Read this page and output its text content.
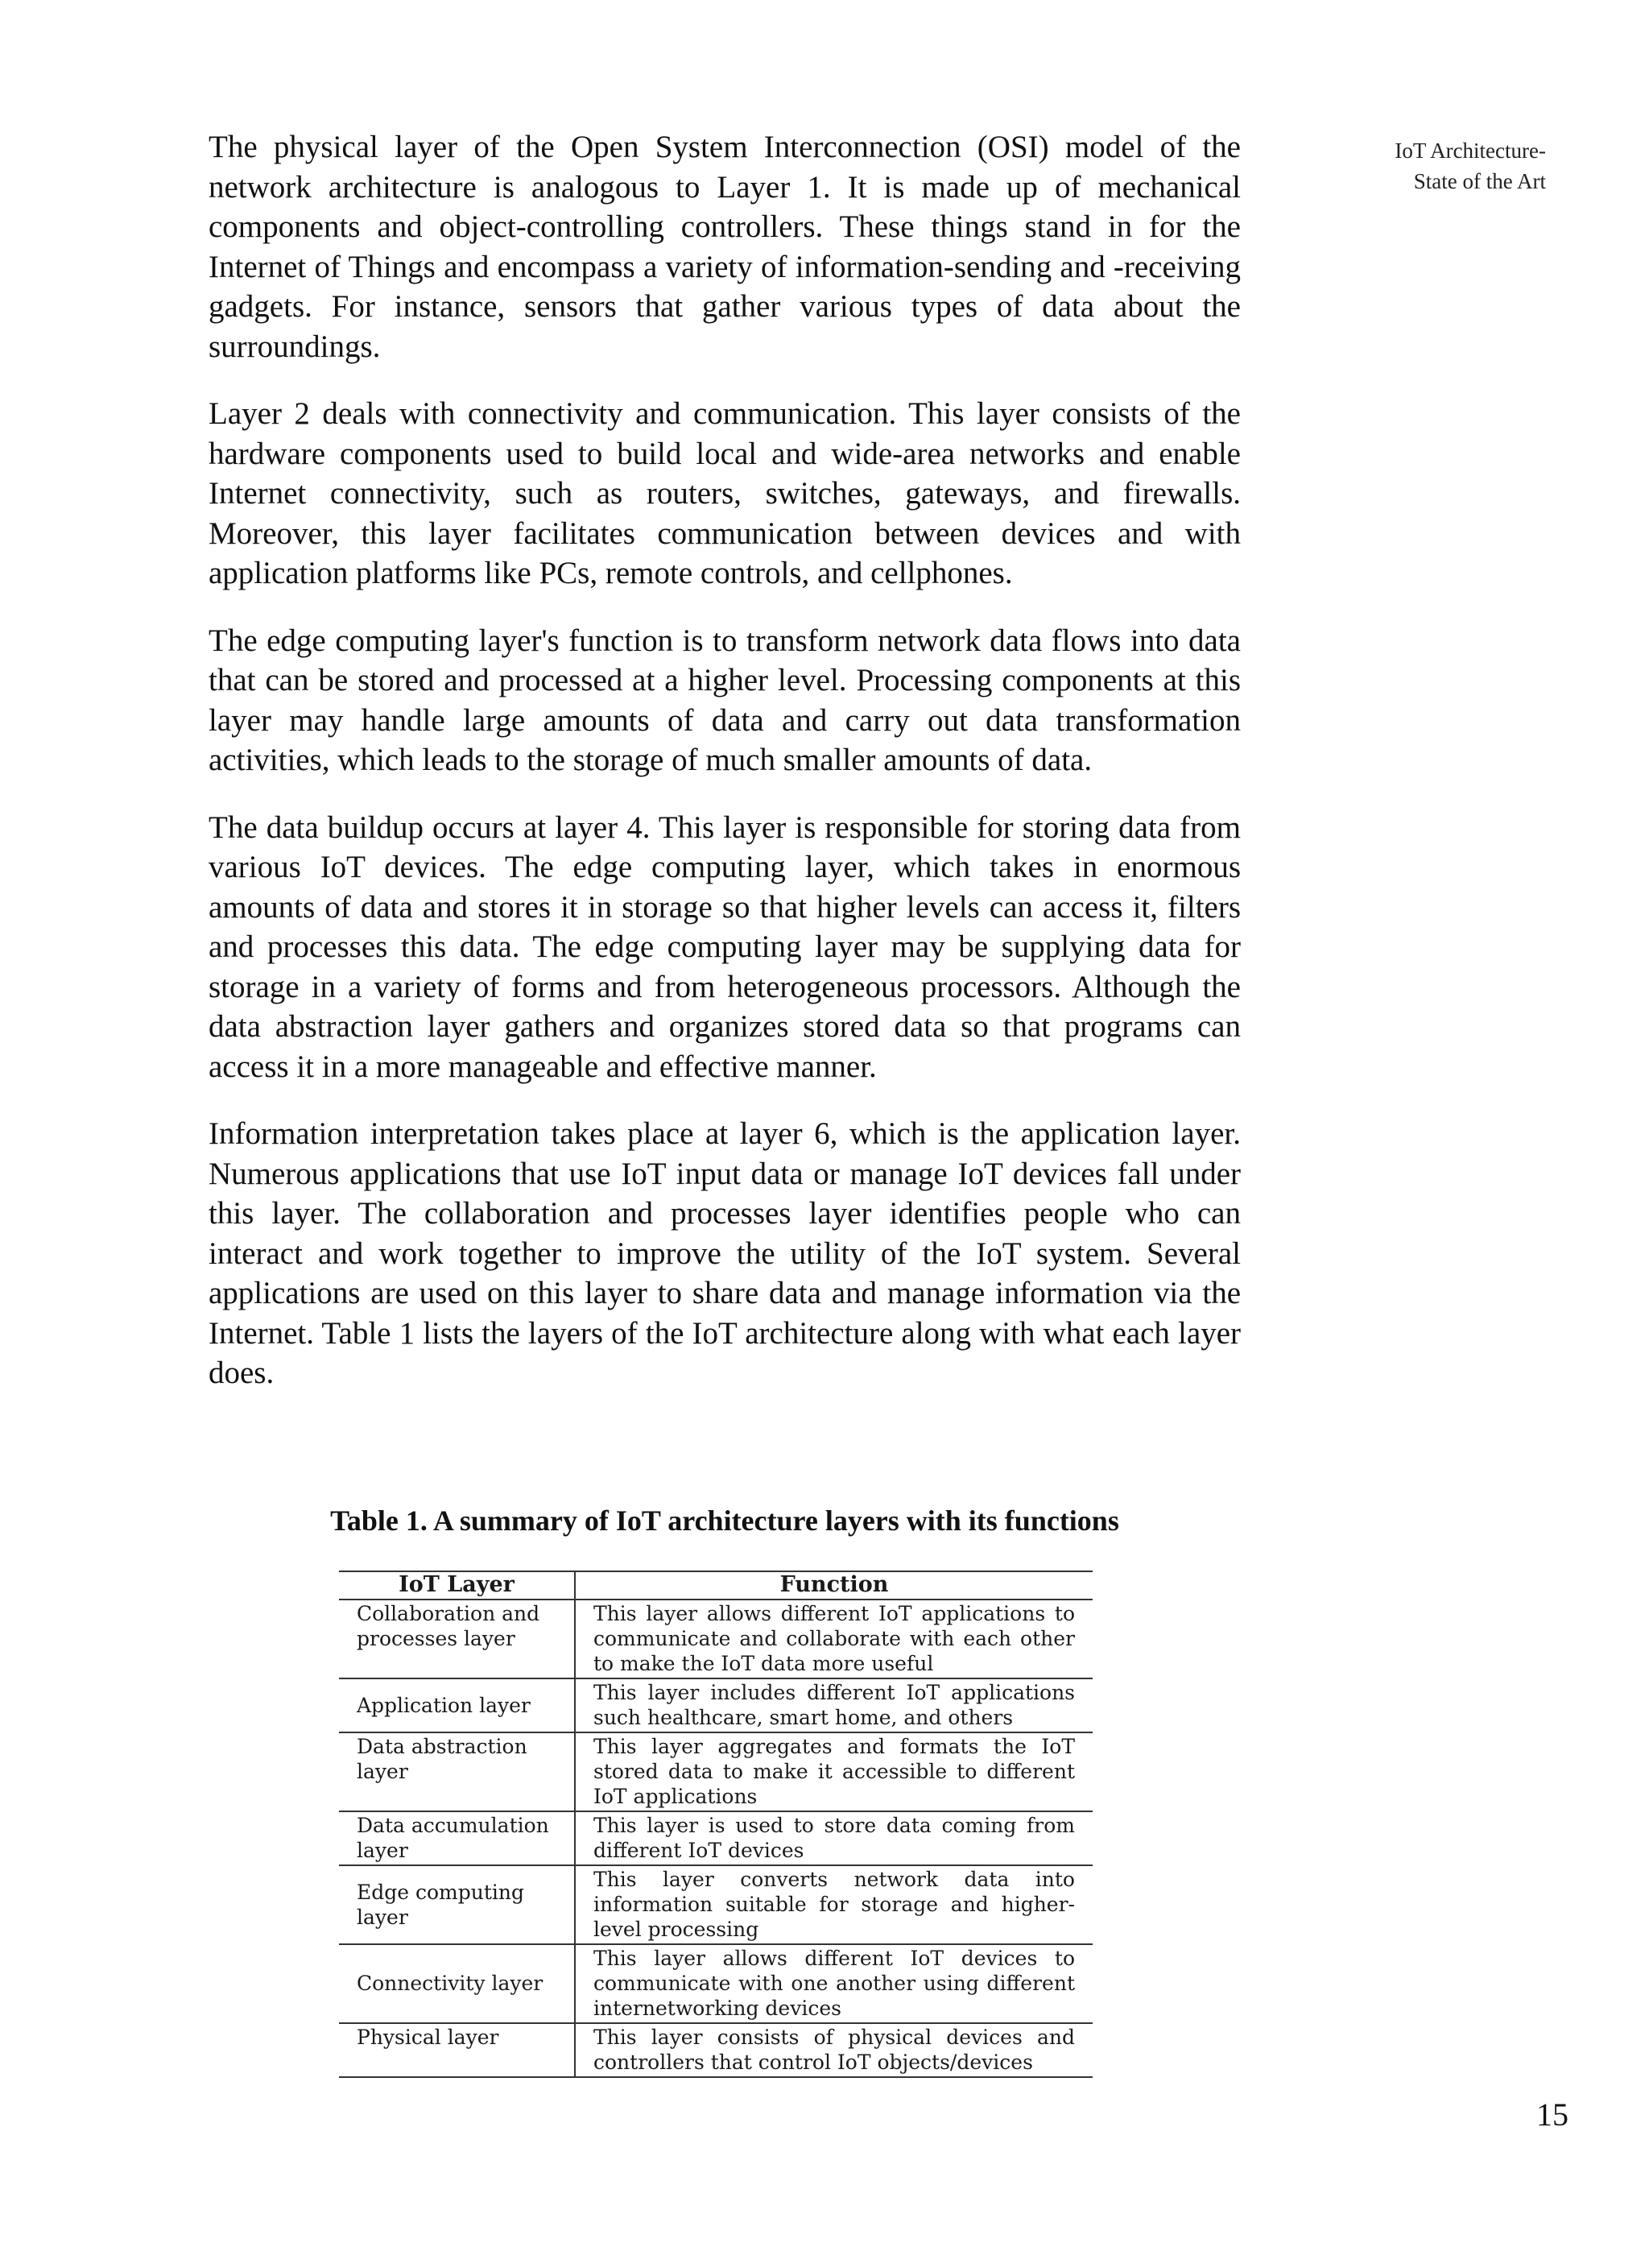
IoT Architecture-
State of the Art

The physical layer of the Open System Interconnection (OSI) model of the network architecture is analogous to Layer 1. It is made up of mechanical components and object-controlling controllers. These things stand in for the Internet of Things and encompass a variety of information-sending and -receiving gadgets. For instance, sensors that gather various types of data about the surroundings.

Layer 2 deals with connectivity and communication. This layer consists of the hardware components used to build local and wide-area networks and enable Internet connectivity, such as routers, switches, gateways, and firewalls. Moreover, this layer facilitates communication between devices and with application platforms like PCs, remote controls, and cellphones.

The edge computing layer's function is to transform network data flows into data that can be stored and processed at a higher level. Processing components at this layer may handle large amounts of data and carry out data transformation activities, which leads to the storage of much smaller amounts of data.

The data buildup occurs at layer 4. This layer is responsible for storing data from various IoT devices. The edge computing layer, which takes in enormous amounts of data and stores it in storage so that higher levels can access it, filters and processes this data. The edge computing layer may be supplying data for storage in a variety of forms and from heterogeneous processors. Although the data abstraction layer gathers and organizes stored data so that programs can access it in a more manageable and effective manner.

Information interpretation takes place at layer 6, which is the application layer. Numerous applications that use IoT input data or manage IoT devices fall under this layer. The collaboration and processes layer identifies people who can interact and work together to improve the utility of the IoT system. Several applications are used on this layer to share data and manage information via the Internet. Table 1 lists the layers of the IoT architecture along with what each layer does.

Table 1. A summary of IoT architecture layers with its functions

IoT Layer	Function
Collaboration and processes layer	This layer allows different IoT applications to communicate and collaborate with each other to make the IoT data more useful
Application layer	This layer includes different IoT applications such healthcare, smart home, and others
Data abstraction layer	This layer aggregates and formats the IoT stored data to make it accessible to different IoT applications
Data accumulation layer	This layer is used to store data coming from different IoT devices
Edge computing layer	This layer converts network data into information suitable for storage and higher-level processing
Connectivity layer	This layer allows different IoT devices to communicate with one another using different internetworking devices
Physical layer	This layer consists of physical devices and controllers that control IoT objects/devices
15
